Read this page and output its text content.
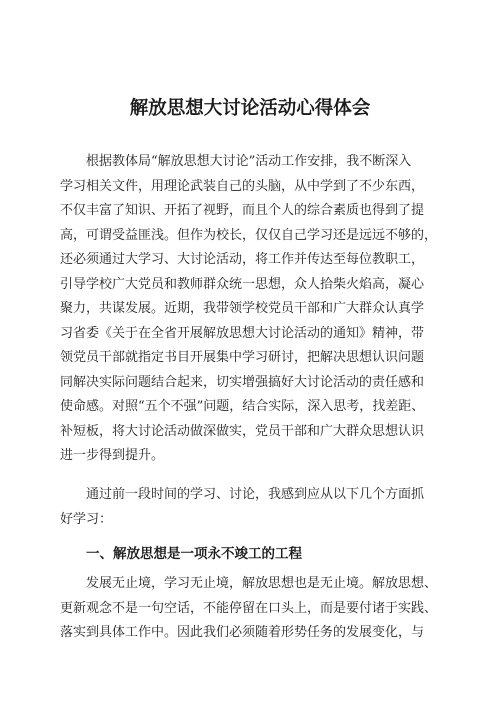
解放思想大讨论活动心得体会
根据教体局“解放思想大讨论”活动工作安排，我不断深入
学习相关文件，用理论武装自己的头脑，从中学到了不少东西，
不仅丰富了知识、开拓了视野，而且个人的综合素质也得到了提
高，可谓受益匪浅。但作为校长，仅仅自己学习还是远远不够的，
还必须通过大学习、大讨论活动，将工作并传达至每位教职工，
引导学校广大党员和教师群众统一思想，众人拾柴火焰高，凝心
聚力，共谋发展。近期，我带领学校党员干部和广大群众认真学
习省委《关于在全省开展解放思想大讨论活动的通知》精神，带
领党员干部就指定书目开展集中学习研讨，把解决思想认识问题
同解决实际问题结合起来，切实增强搞好大讨论活动的责任感和
使命感。对照“五个不强”问题，结合实际，深入思考，找差距、
补短板，将大讨论活动做深做实，党员干部和广大群众思想认识
进一步得到提升。
通过前一段时间的学习、讨论，我感到应从以下几个方面抓
好学习：
一、解放思想是一项永不竣工的工程
发展无止境，学习无止境，解放思想也是无止境。解放思想、
更新观念不是一句空话，不能停留在口头上，而是要付诸于实践、
落实到具体工作中。因此我们必须随着形势任务的发展变化，与
